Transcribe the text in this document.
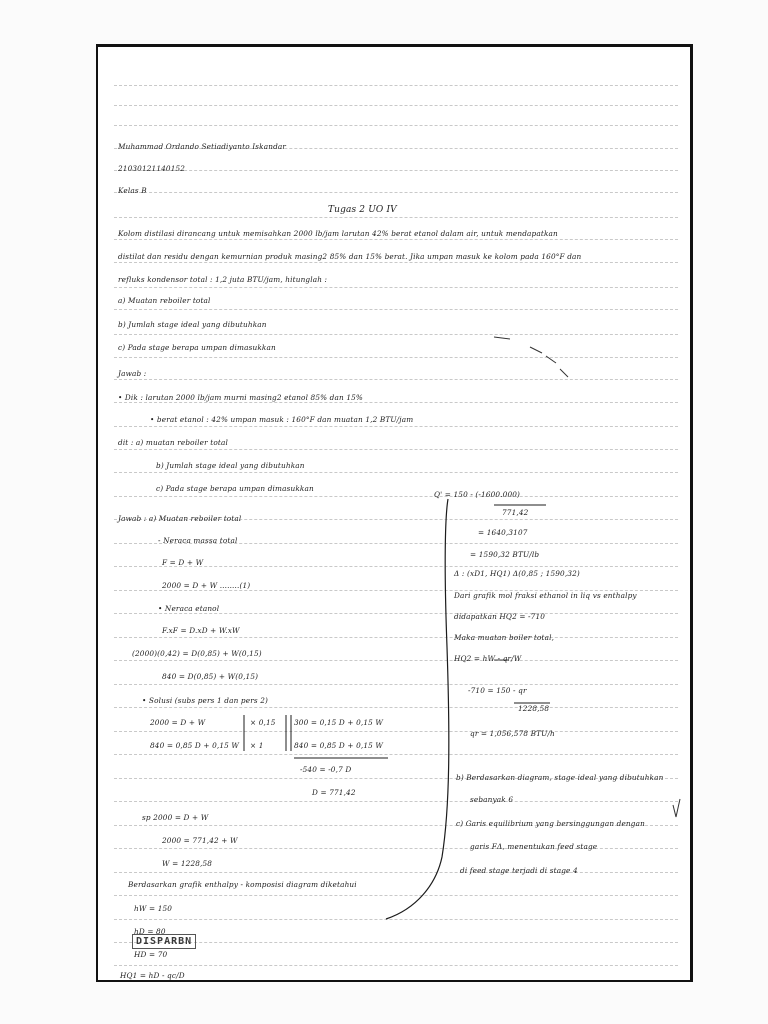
Muhammad Ordando Setiadiyanto Iskandar
21030121140152
Kelas B
Tugas 2 UO IV
Kolom distilasi dirancang untuk memisahkan 2000 lb/jam larutan 42% berat etanol dalam air, untuk mendapatkan
distilat dan residu dengan kemurnian produk masing2 85% dan 15% berat. Jika umpan masuk ke kolom pada 160°F dan
refluks kondensor total : 1,2 juta BTU/jam, hitunglah :
a) Muatan reboiler total
b) Jumlah stage ideal yang dibutuhkan
c) Pada stage berapa umpan dimasukkan
Jawab :
• Dik : larutan 2000 lb/jam murni masing2 etanol 85% dan 15%
• berat etanol : 42% umpan masuk : 160°F dan muatan 1,2 BTU/jam
dit : a) muatan reboiler total
b) Jumlah stage ideal yang dibutuhkan
c) Pada stage berapa umpan dimasukkan
Jawab : a) Muatan reboiler total
- Neraca massa total
F = D + W
2000 = D + W ........(1)
• Neraca etanol
F.xF = D.xD + W.xW
(2000)(0,42) = D(0,85) + W(0,15)
840 = D(0,85) + W(0,15)
• Solusi (subs pers 1 dan pers 2)
2000 = D + W
840 = 0,85 D + 0,15 W
× 0,15
× 1
300 = 0,15 D + 0,15 W
840 = 0,85 D + 0,15 W
-540 = -0,7 D
D = 771,42
sp 2000 = D + W
2000 = 771,42 + W
W = 1228,58
Berdasarkan grafik enthalpy - komposisi diagram diketahui
hW = 150
hD = 80
HD = 70
HQ1 = hD - qc/D
Q' = 150 - (-1600.000)
771,42
= 1640,3107
= 1590,32 BTU/lb
Δ : (xD1, HQ1) Δ(0,85 ; 1590,32)
Dari grafik mol fraksi ethanol in liq vs enthalpy
didapatkan HQ2 = -710
Maka muatan boiler total,
HQ2 = hW - qr/W
-710 = 150 - qr
1228,58
qr = 1,056,578 BTU/h
b) Berdasarkan diagram, stage ideal yang dibutuhkan
sebanyak 6
c) Garis equilibrium yang bersinggungan dengan
garis FΔ, menentukan feed stage
di feed stage terjadi di stage 4
DISPARBN
